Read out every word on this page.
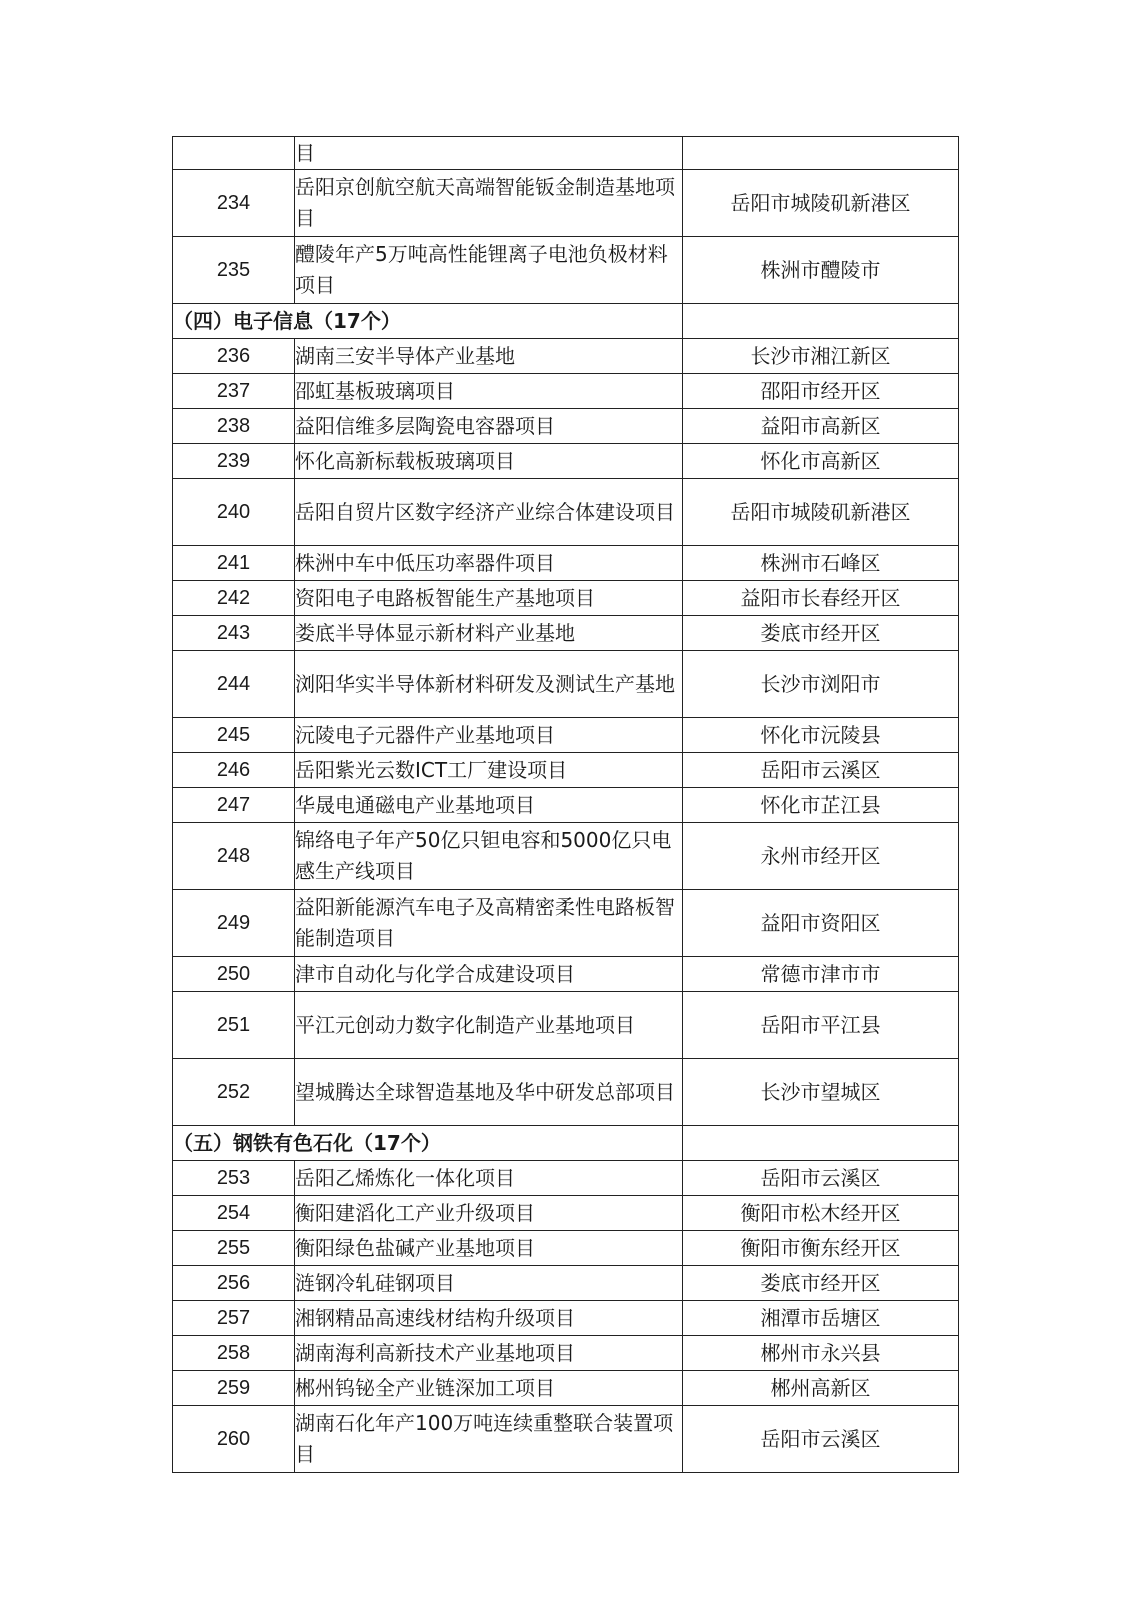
	目	
234	岳阳京创航空航天高端智能钣金制造基地项目	岳阳市城陵矶新港区
235	醴陵年产5万吨高性能锂离子电池负极材料项目	株洲市醴陵市
（四）电子信息（17个）		
236	湖南三安半导体产业基地	长沙市湘江新区
237	邵虹基板玻璃项目	邵阳市经开区
238	益阳信维多层陶瓷电容器项目	益阳市高新区
239	怀化高新标载板玻璃项目	怀化市高新区
240	岳阳自贸片区数字经济产业综合体建设项目	岳阳市城陵矶新港区
241	株洲中车中低压功率器件项目	株洲市石峰区
242	资阳电子电路板智能生产基地项目	益阳市长春经开区
243	娄底半导体显示新材料产业基地	娄底市经开区
244	浏阳华实半导体新材料研发及测试生产基地	长沙市浏阳市
245	沅陵电子元器件产业基地项目	怀化市沅陵县
246	岳阳紫光云数ICT工厂建设项目	岳阳市云溪区
247	华晟电通磁电产业基地项目	怀化市芷江县
248	锦络电子年产50亿只钽电容和5000亿只电感生产线项目	永州市经开区
249	益阳新能源汽车电子及高精密柔性电路板智能制造项目	益阳市资阳区
250	津市自动化与化学合成建设项目	常德市津市市
251	平江元创动力数字化制造产业基地项目	岳阳市平江县
252	望城腾达全球智造基地及华中研发总部项目	长沙市望城区
（五）钢铁有色石化（17个）		
253	岳阳乙烯炼化一体化项目	岳阳市云溪区
254	衡阳建滔化工产业升级项目	衡阳市松木经开区
255	衡阳绿色盐碱产业基地项目	衡阳市衡东经开区
256	涟钢冷轧硅钢项目	娄底市经开区
257	湘钢精品高速线材结构升级项目	湘潭市岳塘区
258	湖南海利高新技术产业基地项目	郴州市永兴县
259	郴州钨铋全产业链深加工项目	郴州高新区
260	湖南石化年产100万吨连续重整联合装置项目	岳阳市云溪区
